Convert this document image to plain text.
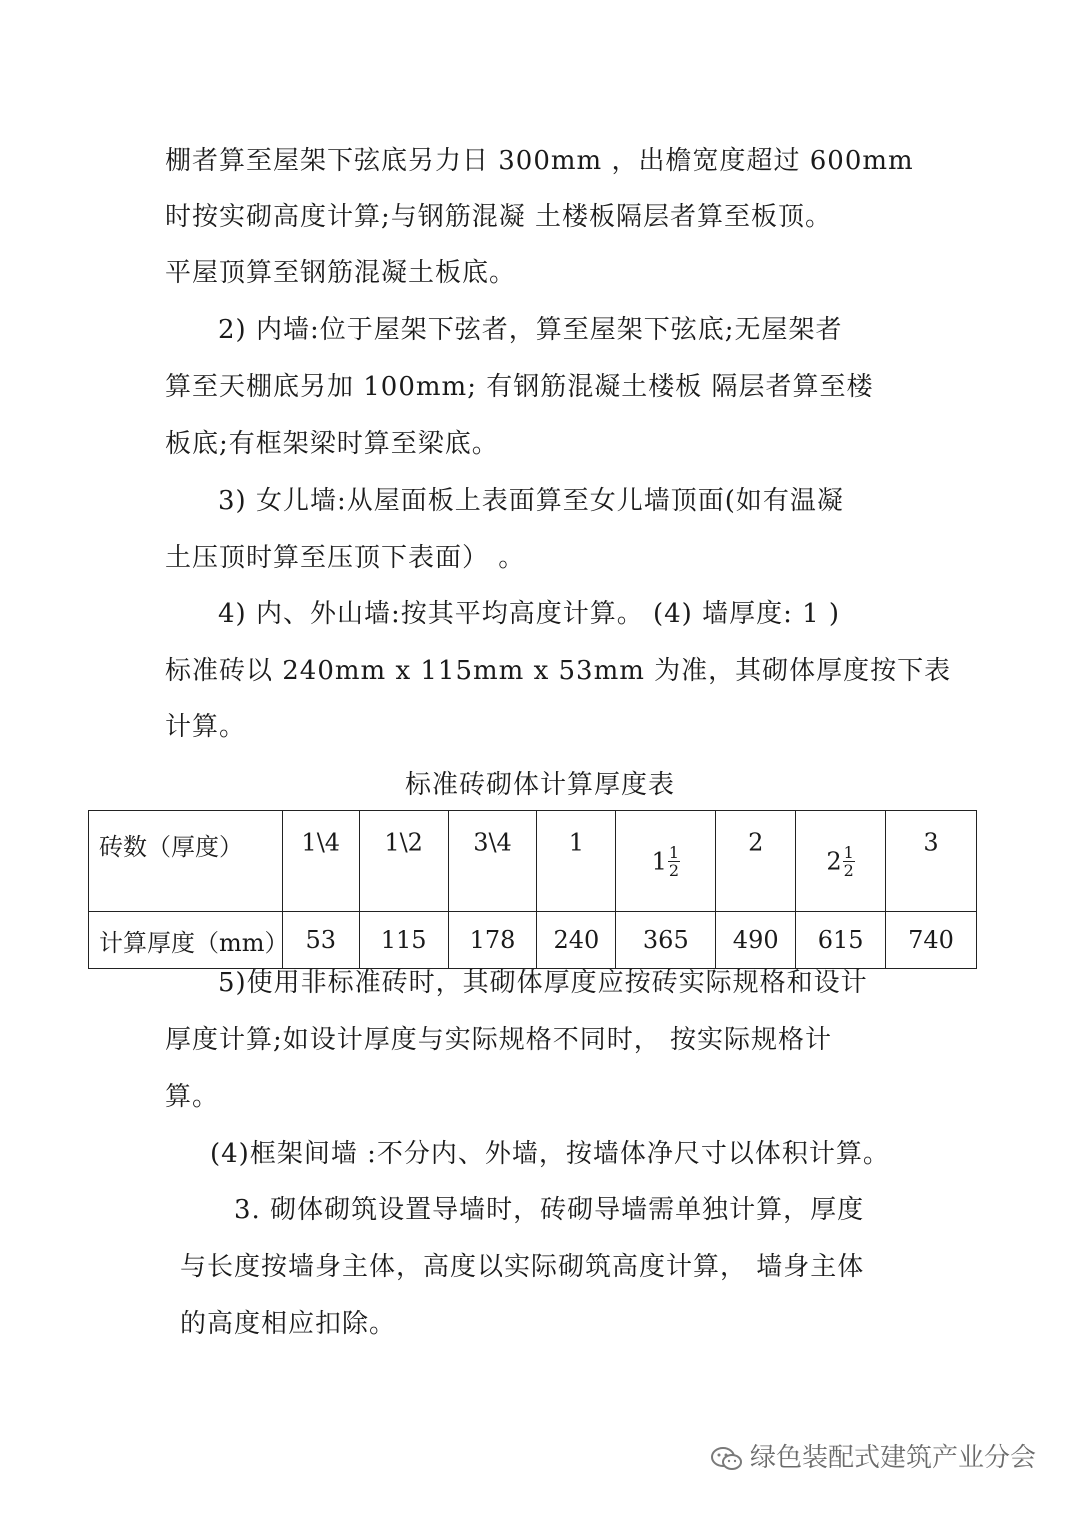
棚者算至屋架下弦底另力日 300mm ，出檐宽度超过 600mm
时按实砌高度计算;与钢筋混凝 土楼板隔层者算至板顶。
平屋顶算至钢筋混凝土板底。
2) 内墙:位于屋架下弦者，算至屋架下弦底;无屋架者
算至天棚底另加 100mm; 有钢筋混凝土楼板 隔层者算至楼
板底;有框架梁时算至梁底。
3) 女儿墙:从屋面板上表面算至女儿墙顶面(如有温凝
土压顶时算至压顶下表面） 。
4) 内、外山墙:按其平均高度计算。 (4) 墙厚度: 1 )
标准砖以 240mm x 115mm x 53mm 为准，其砌体厚度按下表
计算。
5)使用非标准砖时，其砌体厚度应按砖实际规格和设计
厚度计算;如设计厚度与实际规格不同时， 按实际规格计
算。
(4)框架间墙 :不分内、外墙，按墙体净尺寸以体积计算。
3. 砌体砌筑设置导墙时，砖砌导墙需单独计算，厚度
与长度按墙身主体，高度以实际砌筑高度计算， 墙身主体
的高度相应扣除。
标准砖砌体计算厚度表
砖数（厚度）	1\4	1\2	3\4	1	$1 \frac{1}{2}$	2	$2 \frac{1}{2}$	3
计算厚度（mm）	53	115	178	240	365	490	615	740
绿色装配式建筑产业分会
